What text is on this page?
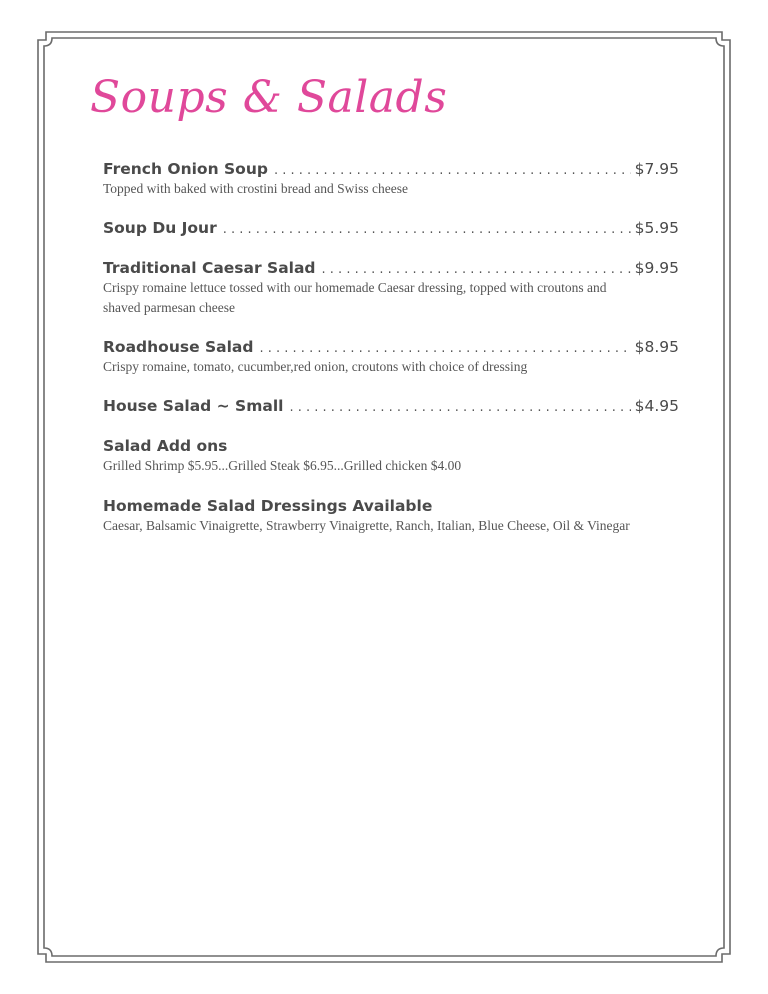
Soups & Salads
French Onion Soup . . .	$7.95
Topped with baked with crostini bread and Swiss cheese
Soup Du Jour . . .	$5.95
Traditional Caesar Salad . . .	$9.95
Crispy romaine lettuce tossed with our homemade Caesar dressing, topped with croutons and shaved parmesan cheese
Roadhouse Salad . . .	$8.95
Crispy romaine, tomato, cucumber,red onion, croutons with choice of dressing
House Salad ~ Small . . .	$4.95
Salad Add ons
Grilled Shrimp $5.95...Grilled Steak $6.95...Grilled chicken $4.00
Homemade Salad Dressings Available
Caesar, Balsamic Vinaigrette, Strawberry Vinaigrette, Ranch, Italian, Blue Cheese, Oil & Vinegar
